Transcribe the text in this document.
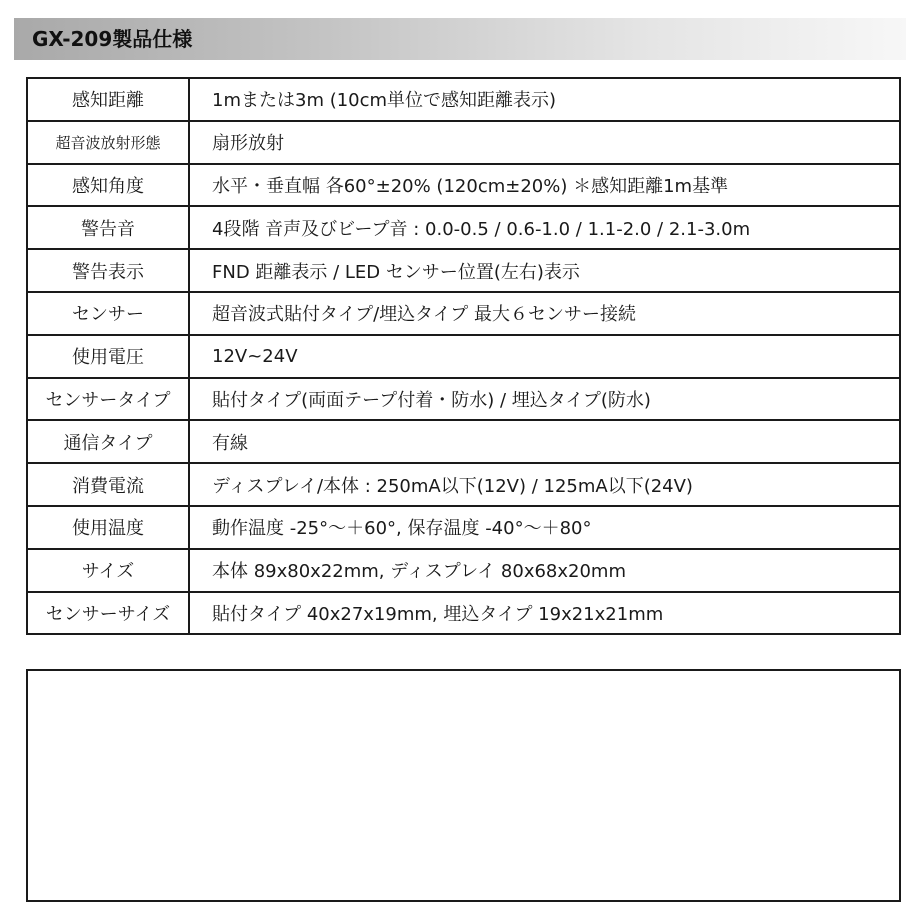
GX-209製品仕様
感知距離	1mまたは3m (10cm単位で感知距離表示)
超音波放射形態	扇形放射
感知角度	水平・垂直幅 各60°±20% (120cm±20%) ＊感知距離1m基準
警告音	4段階 音声及びビープ音 : 0.0-0.5 / 0.6-1.0 / 1.1-2.0 / 2.1-3.0m
警告表示	FND 距離表示 / LED センサー位置(左右)表示
センサー	超音波式貼付タイプ/埋込タイプ 最大６センサー接続
使用電圧	12V~24V
センサータイプ	貼付タイプ(両面テープ付着・防水) / 埋込タイプ(防水)
通信タイプ	有線
消費電流	ディスプレイ/本体 : 250mA以下(12V) / 125mA以下(24V)
使用温度	動作温度 -25°～＋60°, 保存温度 -40°～＋80°
サイズ	本体 89x80x22mm, ディスプレイ 80x68x20mm
センサーサイズ	貼付タイプ 40x27x19mm, 埋込タイプ 19x21x21mm
